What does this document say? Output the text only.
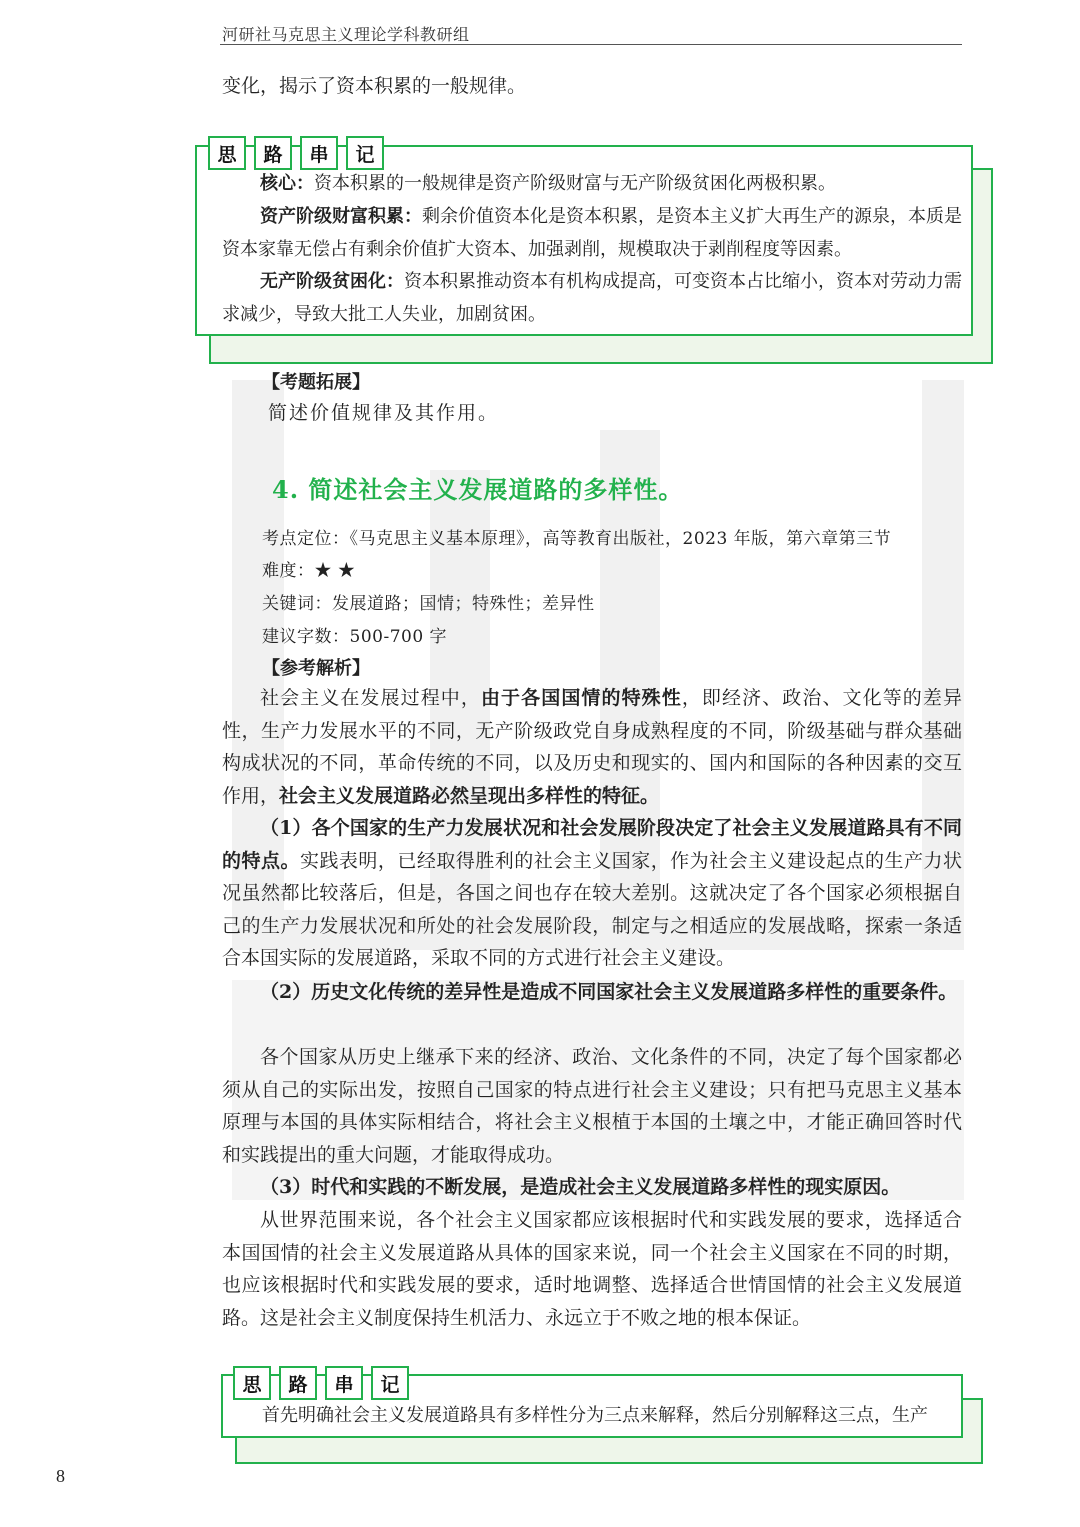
河研社马克思主义理论学科教研组
变化，揭示了资本积累的一般规律。
思	路	串	记
核心：资本积累的一般规律是资产阶级财富与无产阶级贫困化两极积累。
资产阶级财富积累：剩余价值资本化是资本积累，是资本主义扩大再生产的源泉，本质是资本家靠无偿占有剩余价值扩大资本、加强剥削，规模取决于剥削程度等因素。
无产阶级贫困化：资本积累推动资本有机构成提高，可变资本占比缩小，资本对劳动力需求减少，导致大批工人失业，加剧贫困。
【考题拓展】
简述价值规律及其作用。
4. 简述社会主义发展道路的多样性。
考点定位：《马克思主义基本原理》，高等教育出版社，2023 年版，第六章第三节
难度：★ ★
关键词：发展道路；国情；特殊性；差异性
建议字数：500-700 字
【参考解析】
社会主义在发展过程中，由于各国国情的特殊性，即经济、政治、文化等的差异性，生产力发展水平的不同，无产阶级政党自身成熟程度的不同，阶级基础与群众基础构成状况的不同，革命传统的不同，以及历史和现实的、国内和国际的各种因素的交互作用，社会主义发展道路必然呈现出多样性的特征。
（1）各个国家的生产力发展状况和社会发展阶段决定了社会主义发展道路具有不同的特点。实践表明，已经取得胜利的社会主义国家，作为社会主义建设起点的生产力状况虽然都比较落后，但是，各国之间也存在较大差别。这就决定了各个国家必须根据自己的生产力发展状况和所处的社会发展阶段，制定与之相适应的发展战略，探索一条适合本国实际的发展道路，采取不同的方式进行社会主义建设。
（2）历史文化传统的差异性是造成不同国家社会主义发展道路多样性的重要条件。
各个国家从历史上继承下来的经济、政治、文化条件的不同，决定了每个国家都必须从自己的实际出发，按照自己国家的特点进行社会主义建设；只有把马克思主义基本原理与本国的具体实际相结合，将社会主义根植于本国的土壤之中，才能正确回答时代和实践提出的重大问题，才能取得成功。
（3）时代和实践的不断发展，是造成社会主义发展道路多样性的现实原因。
从世界范围来说，各个社会主义国家都应该根据时代和实践发展的要求，选择适合本国国情的社会主义发展道路从具体的国家来说，同一个社会主义国家在不同的时期，也应该根据时代和实践发展的要求，适时地调整、选择适合世情国情的社会主义发展道路。这是社会主义制度保持生机活力、永远立于不败之地的根本保证。
思	路	串	记
首先明确社会主义发展道路具有多样性分为三点来解释，然后分别解释这三点，生产
8
